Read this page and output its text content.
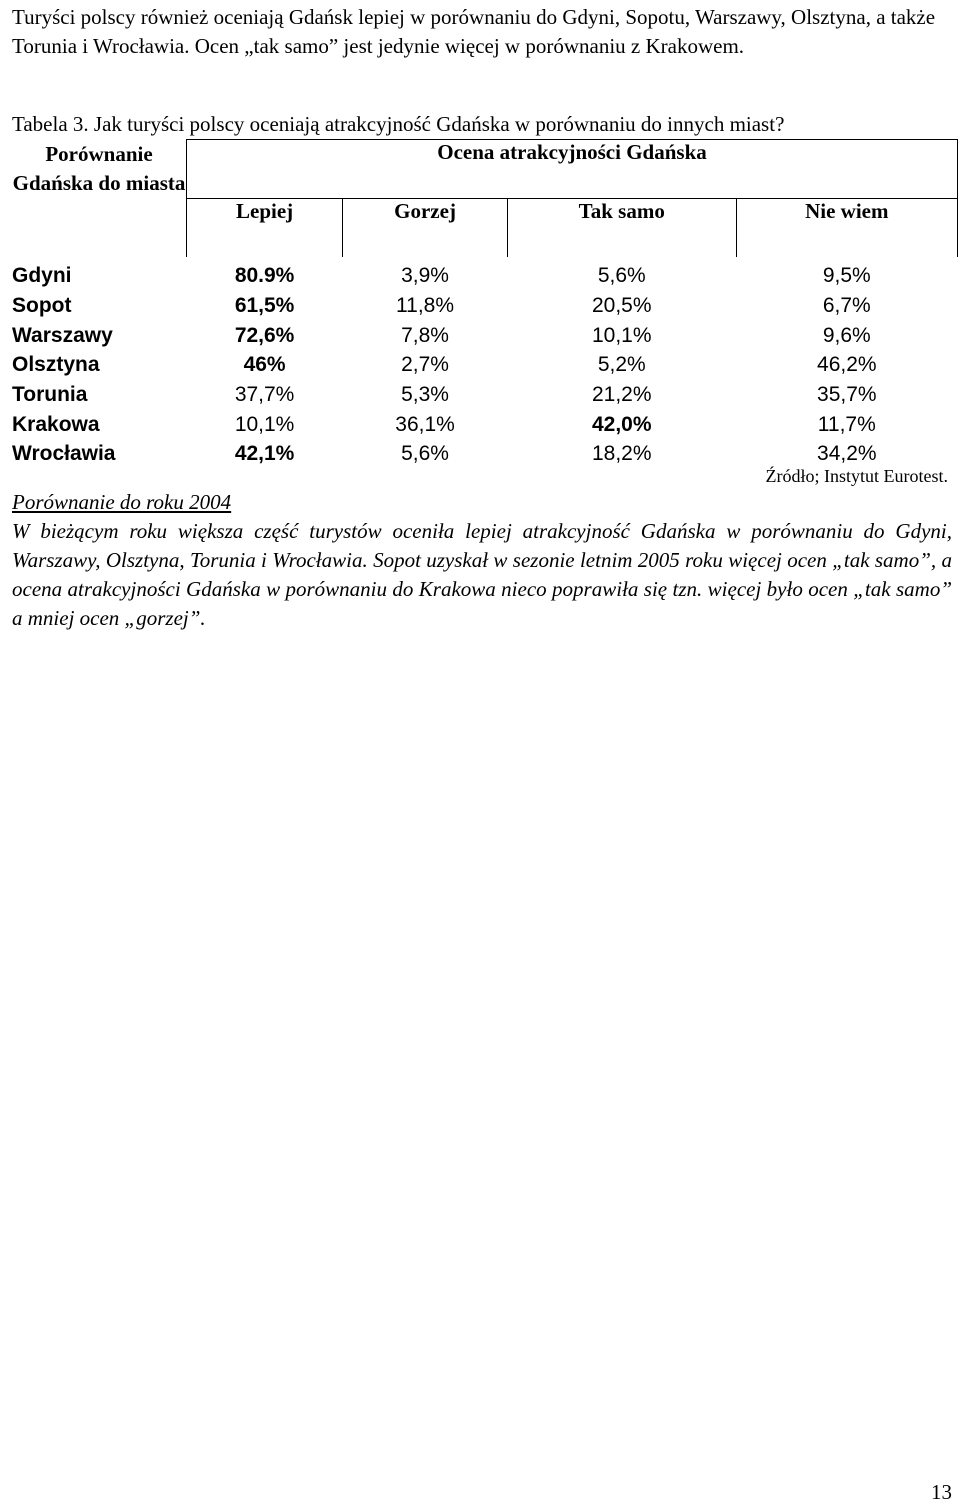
Turyści polscy również oceniają Gdańsk lepiej w porównaniu do Gdyni, Sopotu, Warszawy, Olsztyna, a także Torunia i Wrocławia. Ocen „tak samo” jest jedynie więcej w porównaniu z Krakowem.
Tabela 3. Jak turyści polscy oceniają atrakcyjność Gdańska w porównaniu do innych miast?
Porównanie Gdańska do miasta	Ocena atrakcyjności Gdańska			
	Lepiej	Gorzej	Tak samo	Nie wiem
Gdyni	80.9%	3,9%	5,6%	9,5%
Sopot	61,5%	11,8%	20,5%	6,7%
Warszawy	72,6%	7,8%	10,1%	9,6%
Olsztyna	46%	2,7%	5,2%	46,2%
Torunia	37,7%	5,3%	21,2%	35,7%
Krakowa	10,1%	36,1%	42,0%	11,7%
Wrocławia	42,1%	5,6%	18,2%	34,2%
Źródło; Instytut Eurotest.
Porównanie do roku 2004
W bieżącym roku większa część turystów oceniła lepiej atrakcyjność Gdańska w porównaniu do Gdyni, Warszawy, Olsztyna, Torunia i Wrocławia. Sopot uzyskał w sezonie letnim 2005 roku więcej ocen „tak samo”, a ocena atrakcyjności Gdańska w porównaniu do Krakowa nieco poprawiła się tzn. więcej było ocen „tak samo” a mniej ocen „gorzej”.
13
